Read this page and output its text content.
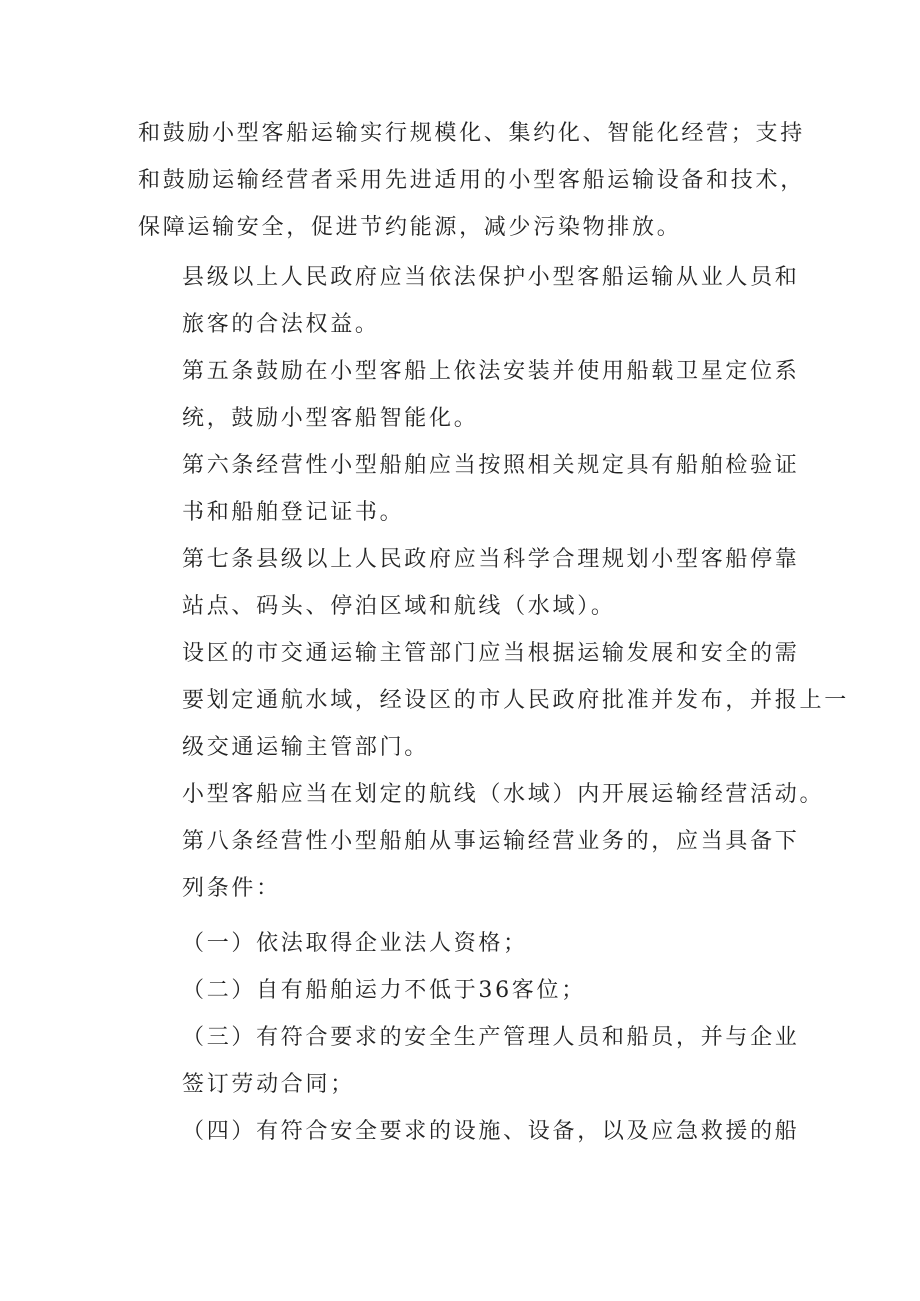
和鼓励小型客船运输实行规模化、集约化、智能化经营；支持
和鼓励运输经营者采用先进适用的小型客船运输设备和技术，
保障运输安全，促进节约能源，减少污染物排放。

县级以上人民政府应当依法保护小型客船运输从业人员和
旅客的合法权益。

第五条鼓励在小型客船上依法安装并使用船载卫星定位系
统，鼓励小型客船智能化。

第六条经营性小型船舶应当按照相关规定具有船舶检验证
书和船舶登记证书。

第七条县级以上人民政府应当科学合理规划小型客船停靠
站点、码头、停泊区域和航线（水域）。

设区的市交通运输主管部门应当根据运输发展和安全的需
要划定通航水域，经设区的市人民政府批准并发布，并报上一
级交通运输主管部门。

小型客船应当在划定的航线（水域）内开展运输经营活动。

第八条经营性小型船舶从事运输经营业务的，应当具备下
列条件：

（一）依法取得企业法人资格；

（二）自有船舶运力不低于36客位；

（三）有符合要求的安全生产管理人员和船员，并与企业
签订劳动合同；

（四）有符合安全要求的设施、设备，以及应急救援的船
